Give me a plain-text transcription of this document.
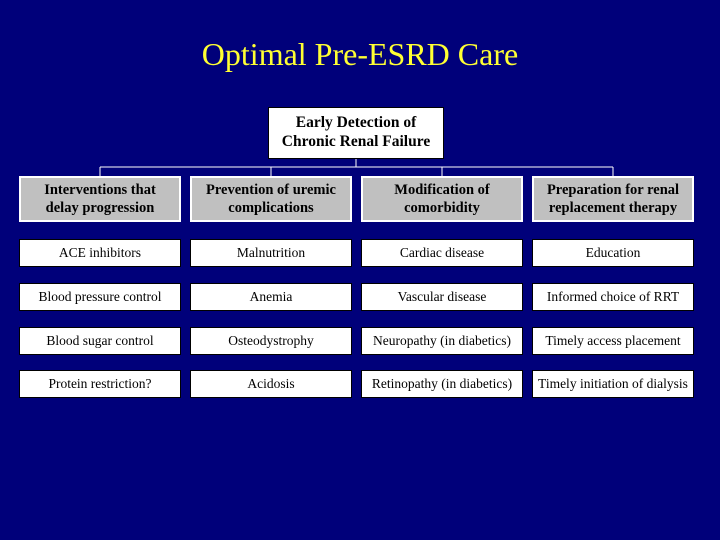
Optimal Pre-ESRD Care
Early Detection of
Chronic Renal Failure
Interventions that
delay progression
Prevention of uremic
complications
Modification of
comorbidity
Preparation for renal
replacement therapy
ACE inhibitors
Blood pressure control
Blood sugar control
Protein restriction?
Malnutrition
Anemia
Osteodystrophy
Acidosis
Cardiac disease
Vascular disease
Neuropathy (in diabetics)
Retinopathy (in diabetics)
Education
Informed choice of RRT
Timely access placement
Timely initiation of dialysis
